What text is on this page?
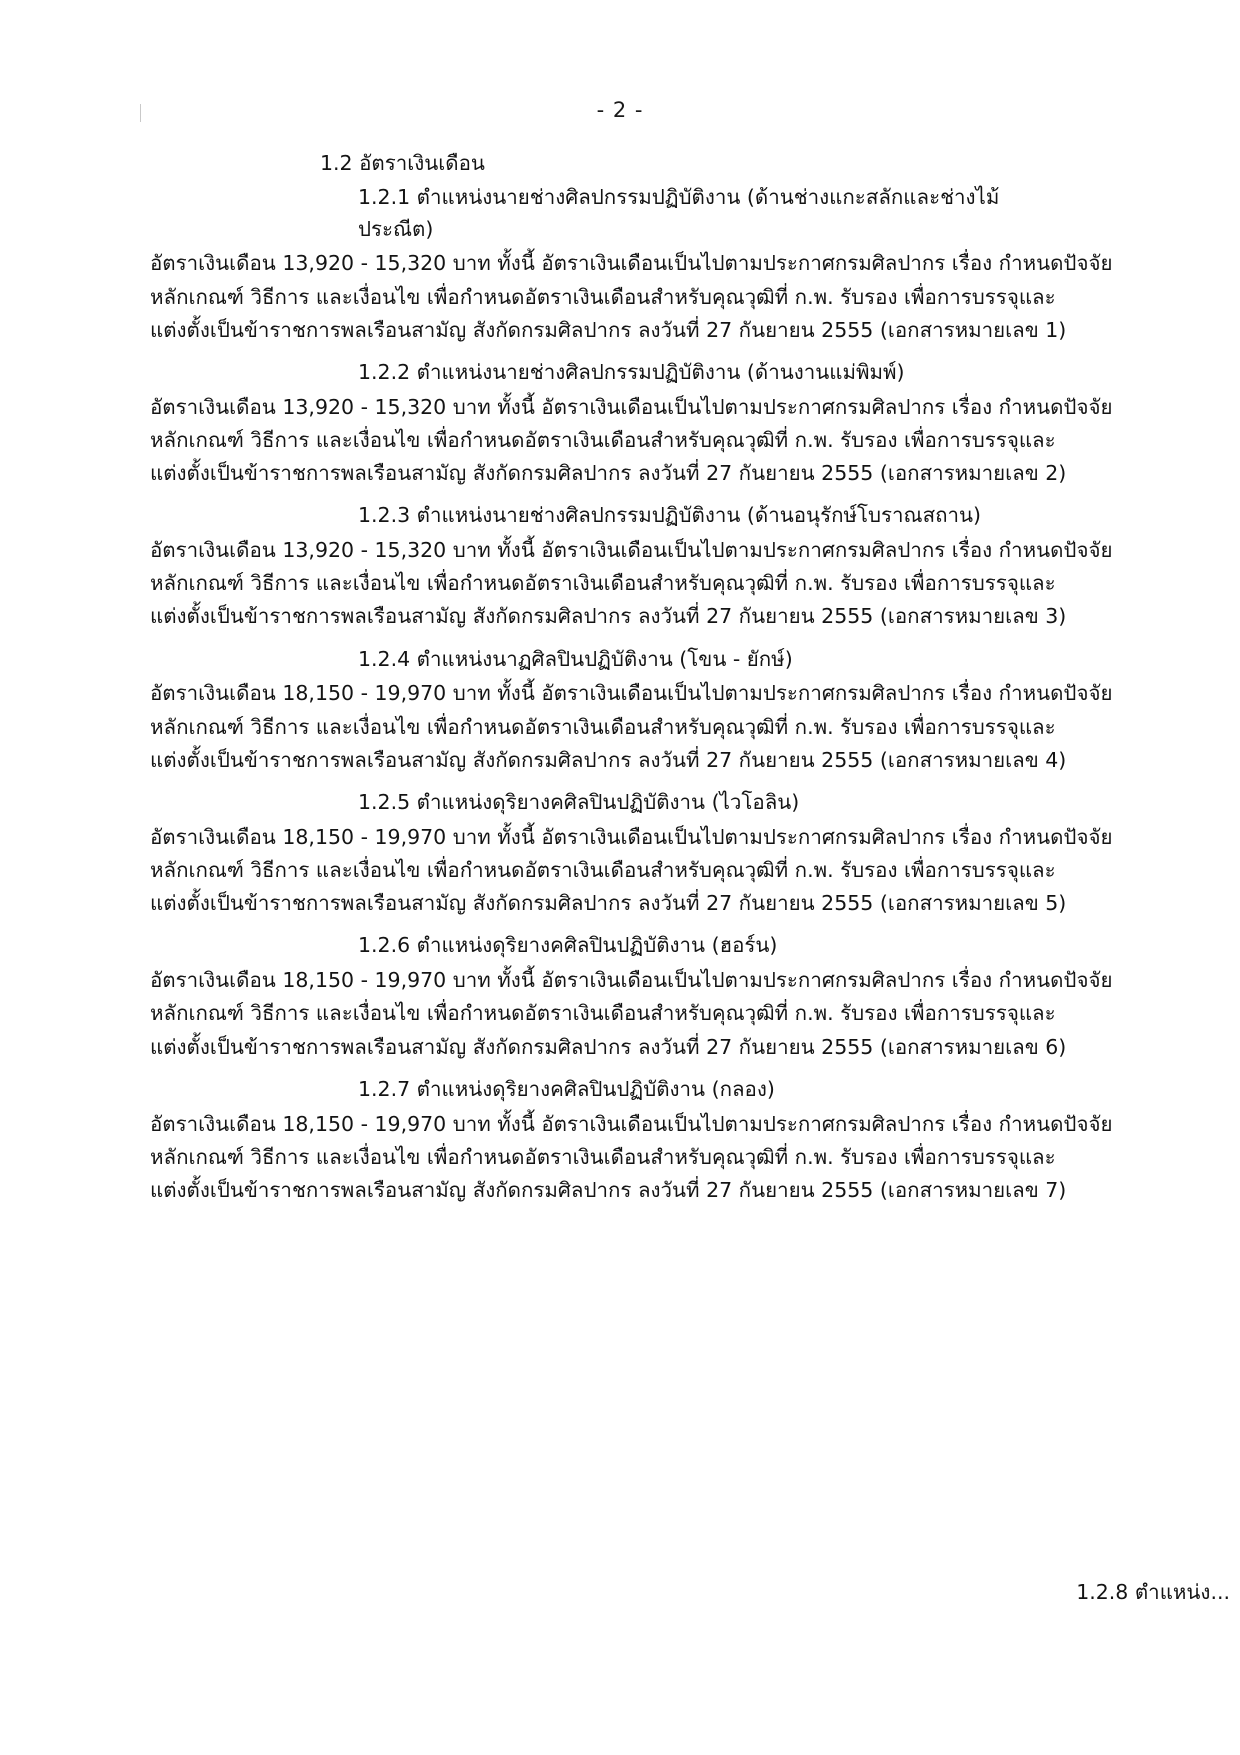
- 2 -

1.2 อัตราเงินเดือน

1.2.1 ตำแหน่งนายช่างศิลปกรรมปฏิบัติงาน (ด้านช่างแกะสลักและช่างไม้ประณีต)

อัตราเงินเดือน 13,920 - 15,320 บาท ทั้งนี้ อัตราเงินเดือนเป็นไปตามประกาศกรมศิลปากร เรื่อง กำหนดปัจจัย
หลักเกณฑ์ วิธีการ และเงื่อนไข เพื่อกำหนดอัตราเงินเดือนสำหรับคุณวุฒิที่ ก.พ. รับรอง เพื่อการบรรจุและ
แต่งตั้งเป็นข้าราชการพลเรือนสามัญ สังกัดกรมศิลปากร ลงวันที่ 27 กันยายน 2555 (เอกสารหมายเลข 1)

1.2.2 ตำแหน่งนายช่างศิลปกรรมปฏิบัติงาน (ด้านงานแม่พิมพ์)

อัตราเงินเดือน 13,920 - 15,320 บาท ทั้งนี้ อัตราเงินเดือนเป็นไปตามประกาศกรมศิลปากร เรื่อง กำหนดปัจจัย
หลักเกณฑ์ วิธีการ และเงื่อนไข เพื่อกำหนดอัตราเงินเดือนสำหรับคุณวุฒิที่ ก.พ. รับรอง เพื่อการบรรจุและ
แต่งตั้งเป็นข้าราชการพลเรือนสามัญ สังกัดกรมศิลปากร ลงวันที่ 27 กันยายน 2555 (เอกสารหมายเลข 2)

1.2.3 ตำแหน่งนายช่างศิลปกรรมปฏิบัติงาน (ด้านอนุรักษ์โบราณสถาน)

อัตราเงินเดือน 13,920 - 15,320 บาท ทั้งนี้ อัตราเงินเดือนเป็นไปตามประกาศกรมศิลปากร เรื่อง กำหนดปัจจัย
หลักเกณฑ์ วิธีการ และเงื่อนไข เพื่อกำหนดอัตราเงินเดือนสำหรับคุณวุฒิที่ ก.พ. รับรอง เพื่อการบรรจุและ
แต่งตั้งเป็นข้าราชการพลเรือนสามัญ สังกัดกรมศิลปากร ลงวันที่ 27 กันยายน 2555 (เอกสารหมายเลข 3)

1.2.4 ตำแหน่งนาฏศิลปินปฏิบัติงาน (โขน - ยักษ์)

อัตราเงินเดือน 18,150 - 19,970 บาท ทั้งนี้ อัตราเงินเดือนเป็นไปตามประกาศกรมศิลปากร เรื่อง กำหนดปัจจัย
หลักเกณฑ์ วิธีการ และเงื่อนไข เพื่อกำหนดอัตราเงินเดือนสำหรับคุณวุฒิที่ ก.พ. รับรอง เพื่อการบรรจุและ
แต่งตั้งเป็นข้าราชการพลเรือนสามัญ สังกัดกรมศิลปากร ลงวันที่ 27 กันยายน 2555 (เอกสารหมายเลข 4)

1.2.5 ตำแหน่งดุริยางคศิลปินปฏิบัติงาน (ไวโอลิน)

อัตราเงินเดือน 18,150 - 19,970 บาท ทั้งนี้ อัตราเงินเดือนเป็นไปตามประกาศกรมศิลปากร เรื่อง กำหนดปัจจัย
หลักเกณฑ์ วิธีการ และเงื่อนไข เพื่อกำหนดอัตราเงินเดือนสำหรับคุณวุฒิที่ ก.พ. รับรอง เพื่อการบรรจุและ
แต่งตั้งเป็นข้าราชการพลเรือนสามัญ สังกัดกรมศิลปากร ลงวันที่ 27 กันยายน 2555 (เอกสารหมายเลข 5)

1.2.6 ตำแหน่งดุริยางคศิลปินปฏิบัติงาน (ฮอร์น)

อัตราเงินเดือน 18,150 - 19,970 บาท ทั้งนี้ อัตราเงินเดือนเป็นไปตามประกาศกรมศิลปากร เรื่อง กำหนดปัจจัย
หลักเกณฑ์ วิธีการ และเงื่อนไข เพื่อกำหนดอัตราเงินเดือนสำหรับคุณวุฒิที่ ก.พ. รับรอง เพื่อการบรรจุและ
แต่งตั้งเป็นข้าราชการพลเรือนสามัญ สังกัดกรมศิลปากร ลงวันที่ 27 กันยายน 2555 (เอกสารหมายเลข 6)

1.2.7 ตำแหน่งดุริยางคศิลปินปฏิบัติงาน (กลอง)

อัตราเงินเดือน 18,150 - 19,970 บาท ทั้งนี้ อัตราเงินเดือนเป็นไปตามประกาศกรมศิลปากร เรื่อง กำหนดปัจจัย
หลักเกณฑ์ วิธีการ และเงื่อนไข เพื่อกำหนดอัตราเงินเดือนสำหรับคุณวุฒิที่ ก.พ. รับรอง เพื่อการบรรจุและ
แต่งตั้งเป็นข้าราชการพลเรือนสามัญ สังกัดกรมศิลปากร ลงวันที่ 27 กันยายน 2555 (เอกสารหมายเลข 7)
1.2.8 ตำแหน่ง...
